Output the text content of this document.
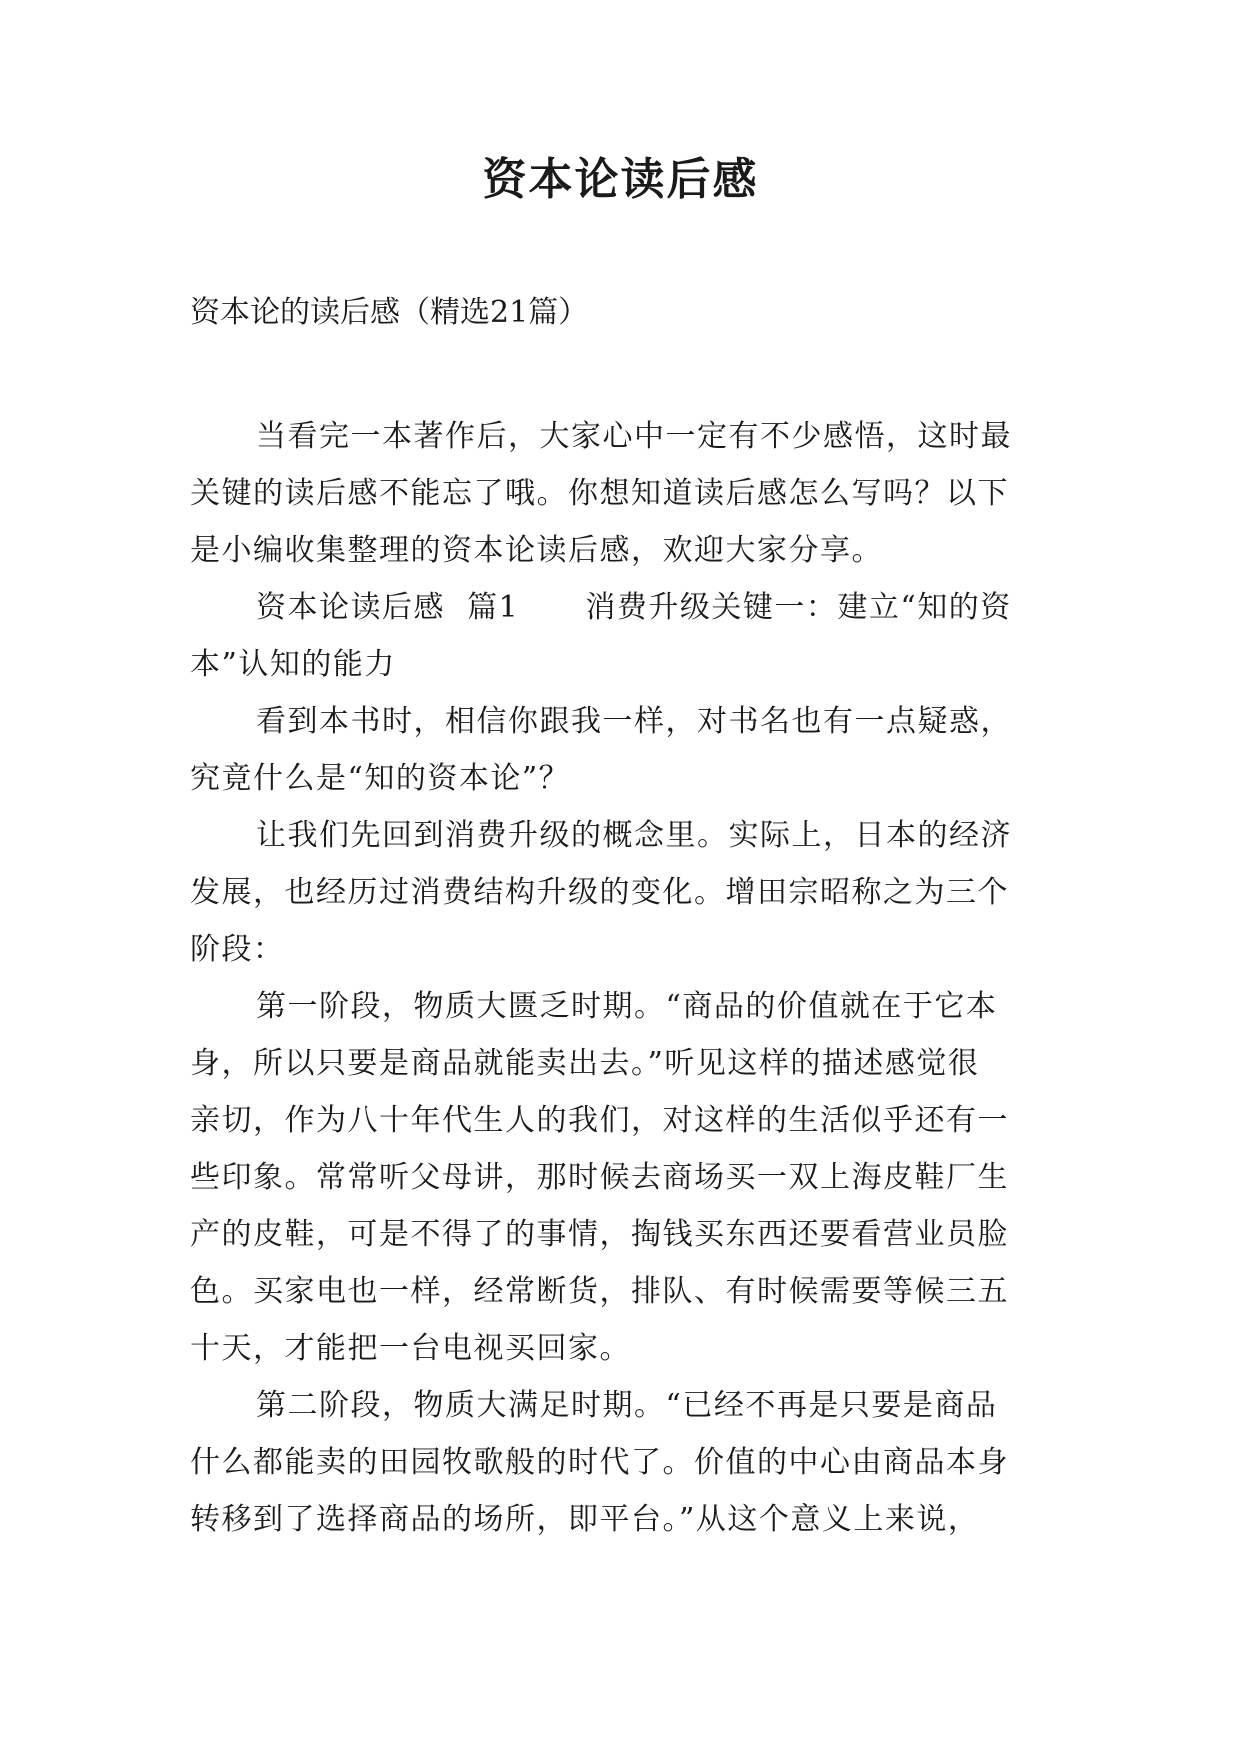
资本论读后感
资本论的读后感（精选21篇）
当看完一本著作后，大家心中一定有不少感悟，这时最
关键的读后感不能忘了哦。你想知道读后感怎么写吗？以下
是小编收集整理的资本论读后感，欢迎大家分享。
资本论读后感  篇1      消费升级关键一：建立“知的资
本”认知的能力
看到本书时，相信你跟我一样，对书名也有一点疑惑，
究竟什么是“知的资本论”？
让我们先回到消费升级的概念里。实际上，日本的经济
发展，也经历过消费结构升级的变化。增田宗昭称之为三个
阶段：
第一阶段，物质大匮乏时期。“商品的价值就在于它本
身，所以只要是商品就能卖出去。”听见这样的描述感觉很
亲切，作为八十年代生人的我们，对这样的生活似乎还有一
些印象。常常听父母讲，那时候去商场买一双上海皮鞋厂生
产的皮鞋，可是不得了的事情，掏钱买东西还要看营业员脸
色。买家电也一样，经常断货，排队、有时候需要等候三五
十天，才能把一台电视买回家。
第二阶段，物质大满足时期。“已经不再是只要是商品
什么都能卖的田园牧歌般的时代了。价值的中心由商品本身
转移到了选择商品的场所，即平台。”从这个意义上来说，
